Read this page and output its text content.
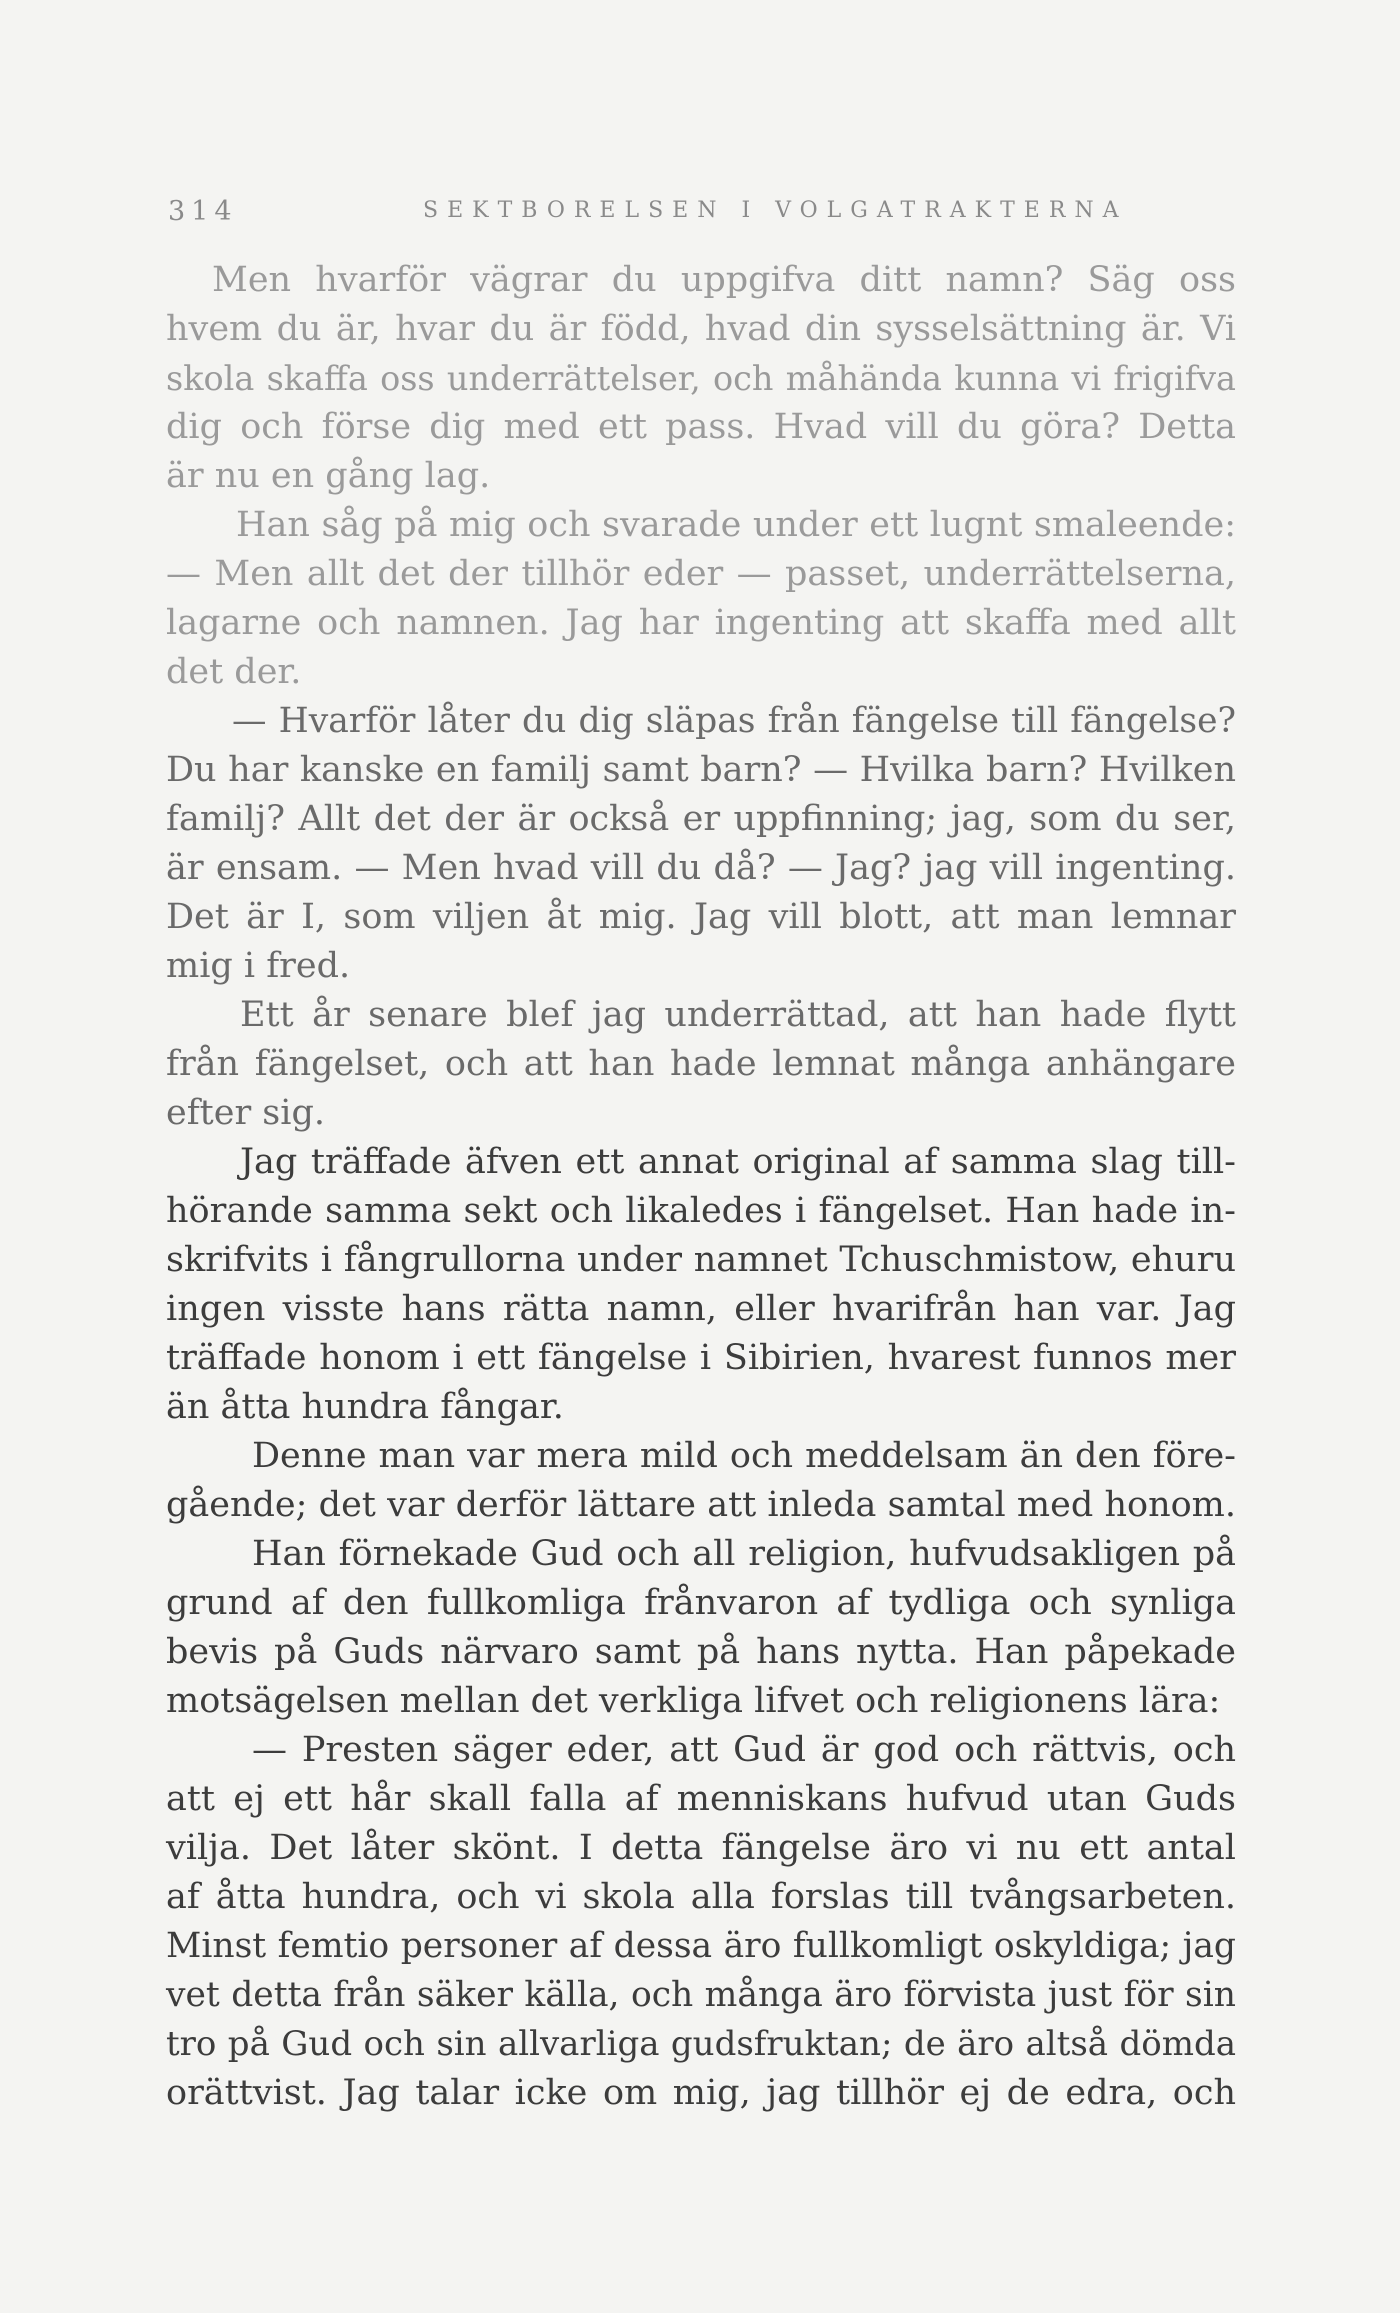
314	SEKTBORELSEN I VOLGATRAKTERNA
Men hvarför vägrar du uppgifva ditt namn? Säg oss
hvem du är, hvar du är född, hvad din sysselsättning är. Vi
skola skaffa oss underrättelser, och måhända kunna vi frigifva
dig och förse dig med ett pass. Hvad vill du göra? Detta
är nu en gång lag.
Han såg på mig och svarade under ett lugnt smaleende:
— Men allt det der tillhör eder — passet, underrättelserna,
lagarne och namnen. Jag har ingenting att skaffa med allt
det der.
— Hvarför låter du dig släpas från fängelse till fängelse?
Du har kanske en familj samt barn? — Hvilka barn? Hvilken
familj? Allt det der är också er uppfinning; jag, som du ser,
är ensam. — Men hvad vill du då? — Jag? jag vill ingenting.
Det är I, som viljen åt mig. Jag vill blott, att man lemnar
mig i fred.
Ett år senare blef jag underrättad, att han hade flytt
från fängelset, och att han hade lemnat många anhängare
efter sig.
Jag träffade äfven ett annat original af samma slag till-
hörande samma sekt och likaledes i fängelset. Han hade in-
skrifvits i fångrullorna under namnet Tchuschmistow, ehuru
ingen visste hans rätta namn, eller hvarifrån han var. Jag
träffade honom i ett fängelse i Sibirien, hvarest funnos mer
än åtta hundra fångar.
Denne man var mera mild och meddelsam än den före-
gående; det var derför lättare att inleda samtal med honom.
Han förnekade Gud och all religion, hufvudsakligen på
grund af den fullkomliga frånvaron af tydliga och synliga
bevis på Guds närvaro samt på hans nytta. Han påpekade
motsägelsen mellan det verkliga lifvet och religionens lära:
— Presten säger eder, att Gud är god och rättvis, och
att ej ett hår skall falla af menniskans hufvud utan Guds
vilja. Det låter skönt. I detta fängelse äro vi nu ett antal
af åtta hundra, och vi skola alla forslas till tvångsarbeten.
Minst femtio personer af dessa äro fullkomligt oskyldiga; jag
vet detta från säker källa, och många äro förvista just för sin
tro på Gud och sin allvarliga gudsfruktan; de äro altså dömda
orättvist. Jag talar icke om mig, jag tillhör ej de edra, och
